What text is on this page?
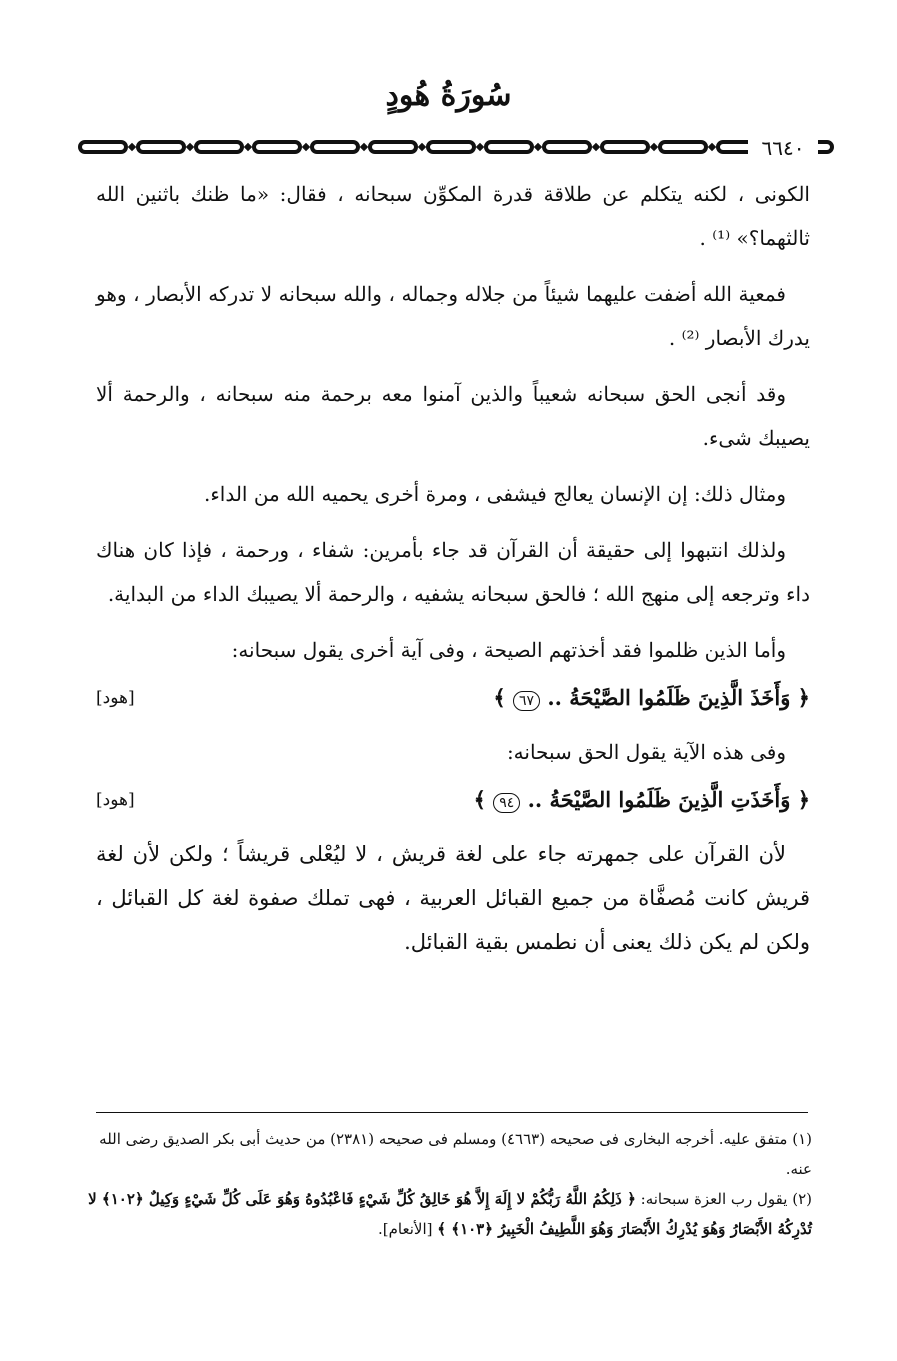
سُورَةُ هُودٍ
٦٦٤٠

الكونى ، لكنه يتكلم عن طلاقة قدرة المكوِّن سبحانه ، فقال: «ما ظنك باثنين الله ثالثهما؟» ⁽¹⁾ .

فمعية الله أضفت عليهما شيئاً من جلاله وجماله ، والله سبحانه لا تدركه الأبصار ، وهو يدرك الأبصار ⁽²⁾ .

وقد أنجى الحق سبحانه شعيباً والذين آمنوا معه برحمة منه سبحانه ، والرحمة ألا يصيبك شىء.

ومثال ذلك: إن الإنسان يعالج فيشفى ، ومرة أخرى يحميه الله من الداء.

ولذلك انتبهوا إلى حقيقة أن القرآن قد جاء بأمرين: شفاء ، ورحمة ، فإذا كان هناك داء وترجعه إلى منهج الله ؛ فالحق سبحانه يشفيه ، والرحمة ألا يصيبك الداء من البداية.

وأما الذين ظلموا فقد أخذتهم الصيحة ، وفى آية أخرى يقول سبحانه:

﴿ وَأَخَذَ الَّذِينَ ظَلَمُوا الصَّيْحَةُ .. ٦٧ ﴾
[هود]

وفى هذه الآية يقول الحق سبحانه:

﴿ وَأَخَذَتِ الَّذِينَ ظَلَمُوا الصَّيْحَةُ .. ٩٤ ﴾
[هود]

لأن القرآن على جمهرته جاء على لغة قريش ، لا ليُعْلى قريشاً ؛ ولكن لأن لغة قريش كانت مُصفَّاة من جميع القبائل العربية ، فهى تملك صفوة لغة كل القبائل ، ولكن لم يكن ذلك يعنى أن نطمس بقية القبائل.

(١) متفق عليه. أخرجه البخارى فى صحيحه (٤٦٦٣) ومسلم فى صحيحه (٢٣٨١) من حديث أبى بكر الصديق رضى الله عنه.

(٢) يقول رب العزة سبحانه: ﴿ ذَلِكُمُ اللَّهُ رَبُّكُمْ لا إِلَهَ إِلاَّ هُوَ خَالِقُ كُلِّ شَيْءٍ فَاعْبُدُوهُ وَهُوَ عَلَى كُلِّ شَيْءٍ وَكِيلٌ ﴿١٠٢﴾ لا تُدْرِكُهُ الأَبْصَارُ وَهُوَ يُدْرِكُ الأَبْصَارَ وَهُوَ اللَّطِيفُ الْخَبِيرُ ﴿١٠٣﴾ ﴾ [الأنعام].
